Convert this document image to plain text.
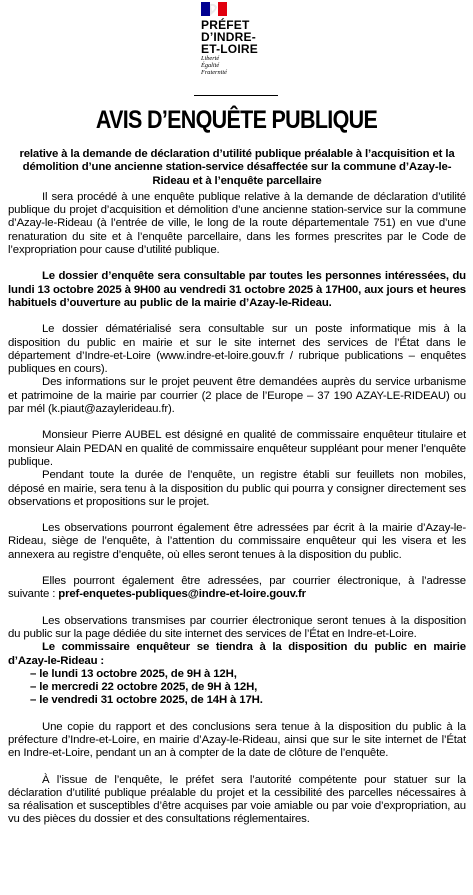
PRÉFET
D’INDRE-
ET-LOIRE
Liberté
Égalité
Fraternité
AVIS D’ENQUÊTE PUBLIQUE

relative à la demande de déclaration d’utilité publique préalable à l’acquisition et la démolition d’une ancienne station-service désaffectée sur la commune d’Azay-le-Rideau et à l’enquête parcellaire

Il sera procédé à une enquête publique relative à la demande de déclaration d’utilité publique du projet d’acquisition et démolition d’une ancienne station-service sur la commune d’Azay-le-Rideau (à l’entrée de ville, le long de la route départementale 751) en vue d’une renaturation du site et à l’enquête parcellaire, dans les formes prescrites par le Code de l’expropriation pour cause d’utilité publique.

Le dossier d’enquête sera consultable par toutes les personnes intéressées, du lundi 13 octobre 2025 à 9H00 au vendredi 31 octobre 2025 à 17H00, aux jours et heures habituels d’ouverture au public de la mairie d’Azay-le-Rideau.

Le dossier dématérialisé sera consultable sur un poste informatique mis à la disposition du public en mairie et sur le site internet des services de l’État dans le département d’Indre-et-Loire (www.indre-et-loire.gouv.fr / rubrique publications – enquêtes publiques en cours).

Des informations sur le projet peuvent être demandées auprès du service urbanisme et patrimoine de la mairie par courrier (2 place de l’Europe – 37 190 AZAY-LE-RIDEAU) ou par mél (k.piaut@azaylerideau.fr).

Monsieur Pierre AUBEL est désigné en qualité de commissaire enquêteur titulaire et monsieur Alain PEDAN en qualité de commissaire enquêteur suppléant pour mener l’enquête publique.

Pendant toute la durée de l’enquête, un registre établi sur feuillets non mobiles, déposé en mairie, sera tenu à la disposition du public qui pourra y consigner directement ses observations et propositions sur le projet.

Les observations pourront également être adressées par écrit à la mairie d’Azay-le-Rideau, siège de l’enquête, à l’attention du commissaire enquêteur qui les visera et les annexera au registre d’enquête, où elles seront tenues à la disposition du public.

Elles pourront également être adressées, par courrier électronique, à l’adresse suivante : pref-enquetes-publiques@indre-et-loire.gouv.fr

Les observations transmises par courrier électronique seront tenues à la disposition du public sur la page dédiée du site internet des services de l’État en Indre-et-Loire.

Le commissaire enquêteur se tiendra à la disposition du public en mairie d’Azay-le-Rideau :

– le lundi 13 octobre 2025, de 9H à 12H,
– le mercredi 22 octobre 2025, de 9H à 12H,
– le vendredi 31 octobre 2025, de 14H à 17H.

Une copie du rapport et des conclusions sera tenue à la disposition du public à la préfecture d’Indre-et-Loire, en mairie d’Azay-le-Rideau, ainsi que sur le site internet de l’État en Indre-et-Loire, pendant un an à compter de la date de clôture de l’enquête.

À l’issue de l’enquête, le préfet sera l’autorité compétente pour statuer sur la déclaration d’utilité publique préalable du projet et la cessibilité des parcelles nécessaires à sa réalisation et susceptibles d’être acquises par voie amiable ou par voie d’expropriation, au vu des pièces du dossier et des consultations réglementaires.
